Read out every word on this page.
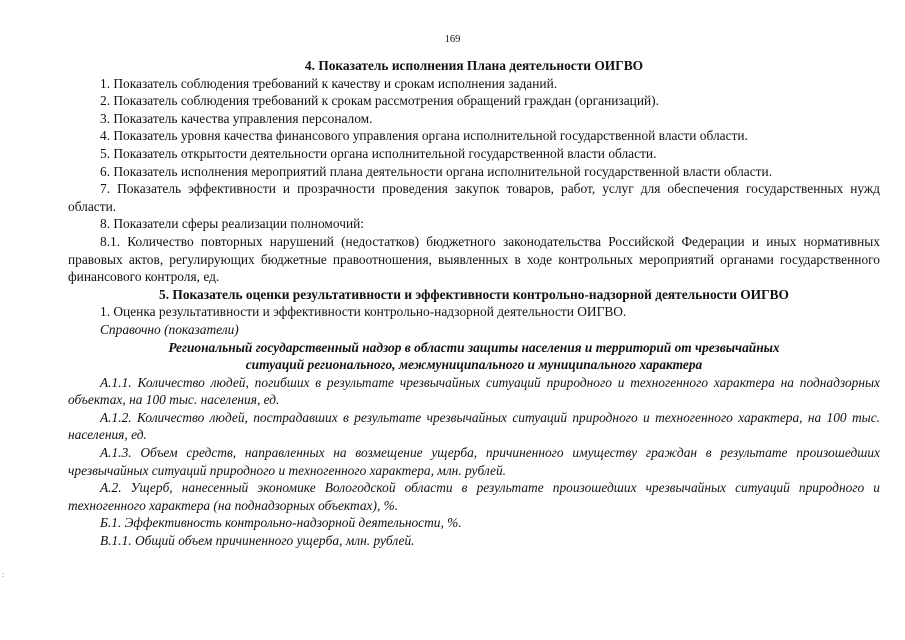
169

4. Показатель исполнения Плана деятельности ОИГВО

1. Показатель соблюдения требований к качеству и срокам исполнения заданий.

2. Показатель соблюдения требований к срокам рассмотрения обращений граждан (организаций).

3. Показатель качества управления персоналом.

4. Показатель уровня качества финансового управления органа исполнительной государственной власти области.

5. Показатель открытости деятельности органа исполнительной государственной власти области.

6. Показатель исполнения мероприятий плана деятельности органа исполнительной государственной власти области.

7. Показатель эффективности и прозрачности проведения закупок товаров, работ, услуг для обеспечения государственных нужд области.

8. Показатели сферы реализации полномочий:

8.1. Количество повторных нарушений (недостатков) бюджетного законодательства Российской Федерации и иных нормативных правовых актов, регулирующих бюджетные правоотношения, выявленных в ходе контрольных мероприятий органами государственного финансового контроля, ед.

5. Показатель оценки результативности и эффективности контрольно-надзорной деятельности ОИГВО

1. Оценка результативности и эффективности контрольно-надзорной деятельности ОИГВО.

Справочно (показатели)

Региональный государственный надзор в области защиты населения и территорий от чрезвычайных

ситуаций регионального, межмуниципального и муниципального характера

А.1.1. Количество людей, погибших в результате чрезвычайных ситуаций природного и техногенного характера на поднадзорных объектах, на 100 тыс. населения, ед.

А.1.2. Количество людей, пострадавших в результате чрезвычайных ситуаций природного и техногенного характера, на 100 тыс. населения, ед.

А.1.3. Объем средств, направленных на возмещение ущерба, причиненного имуществу граждан в результате произошедших чрезвычайных ситуаций природного и техногенного характера, млн. рублей.

А.2. Ущерб, нанесенный экономике Вологодской области в результате произошедших чрезвычайных ситуаций природного и техногенного характера (на поднадзорных объектах), %.

Б.1. Эффективность контрольно-надзорной деятельности, %.

В.1.1. Общий объем причиненного ущерба, млн. рублей.

:
